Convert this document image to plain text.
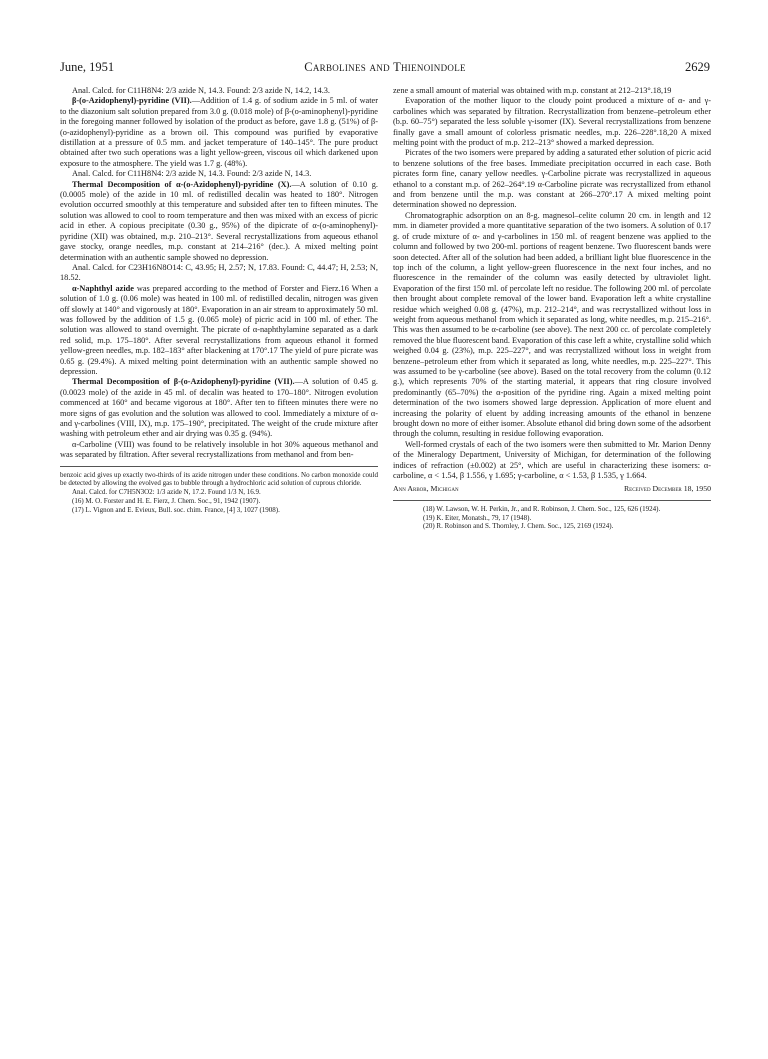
June, 1951	Carbolines and Thienoindole	2629

Anal. Calcd. for C11H8N4: 2/3 azide N, 14.3. Found: 2/3 azide N, 14.2, 14.3.

β-(o-Azidophenyl)-pyridine (VII).—Addition of 1.4 g. of sodium azide in 5 ml. of water to the diazonium salt solution prepared from 3.0 g. (0.018 mole) of β-(o-aminophenyl)-pyridine in the foregoing manner followed by isolation of the product as before, gave 1.8 g. (51%) of β-(o-azidophenyl)-pyridine as a brown oil. This compound was purified by evaporative distillation at a pressure of 0.5 mm. and jacket temperature of 140–145°. The pure product obtained after two such operations was a light yellow-green, viscous oil which darkened upon exposure to the atmosphere. The yield was 1.7 g. (48%).

Anal. Calcd. for C11H8N4: 2/3 azide N, 14.3. Found: 2/3 azide N, 14.3.

Thermal Decomposition of α-(o-Azidophenyl)-pyridine (X).—A solution of 0.10 g. (0.0005 mole) of the azide in 10 ml. of redistilled decalin was heated to 180°. Nitrogen evolution occurred smoothly at this temperature and subsided after ten to fifteen minutes. The solution was allowed to cool to room temperature and then was mixed with an excess of picric acid in ether. A copious precipitate (0.30 g., 95%) of the dipicrate of α-(o-aminophenyl)-pyridine (XII) was obtained, m.p. 210–213°. Several recrystallizations from aqueous ethanol gave stocky, orange needles, m.p. constant at 214–216° (dec.). A mixed melting point determination with an authentic sample showed no depression.

Anal. Calcd. for C23H16N8O14: C, 43.95; H, 2.57; N, 17.83. Found: C, 44.47; H, 2.53; N, 18.52.

α-Naphthyl azide was prepared according to the method of Forster and Fierz.16 When a solution of 1.0 g. (0.06 mole) was heated in 100 ml. of redistilled decalin, nitrogen was given off slowly at 140° and vigorously at 180°. Evaporation in an air stream to approximately 50 ml. was followed by the addition of 1.5 g. (0.065 mole) of picric acid in 100 ml. of ether. The solution was allowed to stand overnight. The picrate of α-naphthylamine separated as a dark red solid, m.p. 175–180°. After several recrystallizations from aqueous ethanol it formed yellow-green needles, m.p. 182–183° after blackening at 170°.17 The yield of pure picrate was 0.65 g. (29.4%). A mixed melting point determination with an authentic sample showed no depression.

Thermal Decomposition of β-(o-Azidophenyl)-pyridine (VII).—A solution of 0.45 g. (0.0023 mole) of the azide in 45 ml. of decalin was heated to 170–180°. Nitrogen evolution commenced at 160° and became vigorous at 180°. After ten to fifteen minutes there were no more signs of gas evolution and the solution was allowed to cool. Immediately a mixture of α- and γ-carbolines (VIII, IX), m.p. 175–190°, precipitated. The weight of the crude mixture after washing with petroleum ether and air drying was 0.35 g. (94%).

α-Carboline (VIII) was found to be relatively insoluble in hot 30% aqueous methanol and was separated by filtration. After several recrystallizations from methanol and from ben-

benzoic acid gives up exactly two-thirds of its azide nitrogen under these conditions. No carbon monoxide could be detected by allowing the evolved gas to bubble through a hydrochloric acid solution of cuprous chloride.

Anal. Calcd. for C7H5N3O2: 1/3 azide N, 17.2. Found 1/3 N, 16.9.

(16) M. O. Forster and H. E. Fierz, J. Chem. Soc., 91, 1942 (1907).

(17) L. Vignon and E. Evieux, Bull. soc. chim. France, [4] 3, 1027 (1908).

zene a small amount of material was obtained with m.p. constant at 212–213°.18,19

Evaporation of the mother liquor to the cloudy point produced a mixture of α- and γ-carbolines which was separated by filtration. Recrystallization from benzene–petroleum ether (b.p. 60–75°) separated the less soluble γ-isomer (IX). Several recrystallizations from benzene finally gave a small amount of colorless prismatic needles, m.p. 226–228°.18,20 A mixed melting point with the product of m.p. 212–213° showed a marked depression.

Picrates of the two isomers were prepared by adding a saturated ether solution of picric acid to benzene solutions of the free bases. Immediate precipitation occurred in each case. Both picrates form fine, canary yellow needles. γ-Carboline picrate was recrystallized in aqueous ethanol to a constant m.p. of 262–264°.19 α-Carboline picrate was recrystallized from ethanol and from benzene until the m.p. was constant at 266–270°.17 A mixed melting point determination showed no depression.

Chromatographic adsorption on an 8-g. magnesol–celite column 20 cm. in length and 12 mm. in diameter provided a more quantitative separation of the two isomers. A solution of 0.17 g. of crude mixture of α- and γ-carbolines in 150 ml. of reagent benzene was applied to the column and followed by two 200-ml. portions of reagent benzene. Two fluorescent bands were soon detected. After all of the solution had been added, a brilliant light blue fluorescence in the top inch of the column, a light yellow-green fluorescence in the next four inches, and no fluorescence in the remainder of the column was easily detected by ultraviolet light. Evaporation of the first 150 ml. of percolate left no residue. The following 200 ml. of percolate then brought about complete removal of the lower band. Evaporation left a white crystalline residue which weighed 0.08 g. (47%), m.p. 212–214°, and was recrystallized without loss in weight from aqueous methanol from which it separated as long, white needles, m.p. 215–216°. This was then assumed to be α-carboline (see above). The next 200 cc. of percolate completely removed the blue fluorescent band. Evaporation of this case left a white, crystalline solid which weighed 0.04 g. (23%), m.p. 225–227°, and was recrystallized without loss in weight from benzene–petroleum ether from which it separated as long, white needles, m.p. 225–227°. This was assumed to be γ-carboline (see above). Based on the total recovery from the column (0.12 g.), which represents 70% of the starting material, it appears that ring closure involved predominantly (65–70%) the α-position of the pyridine ring. Again a mixed melting point determination of the two isomers showed large depression. Application of more eluent and increasing the polarity of eluent by adding increasing amounts of the ethanol in benzene brought down no more of either isomer. Absolute ethanol did bring down some of the adsorbent through the column, resulting in residue following evaporation.

Well-formed crystals of each of the two isomers were then submitted to Mr. Marion Denny of the Mineralogy Department, University of Michigan, for determination of the following indices of refraction (±0.002) at 25°, which are useful in characterizing these isomers: α-carboline, α < 1.54, β 1.556, γ 1.695; γ-carboline, α < 1.53, β 1.535, γ 1.664.

Ann Arbor, Michigan	Received December 18, 1950

(18) W. Lawson, W. H. Perkin, Jr., and R. Robinson, J. Chem. Soc., 125, 626 (1924).

(19) K. Eiter, Monatsh., 79, 17 (1948).

(20) R. Robinson and S. Thornley, J. Chem. Soc., 125, 2169 (1924).
